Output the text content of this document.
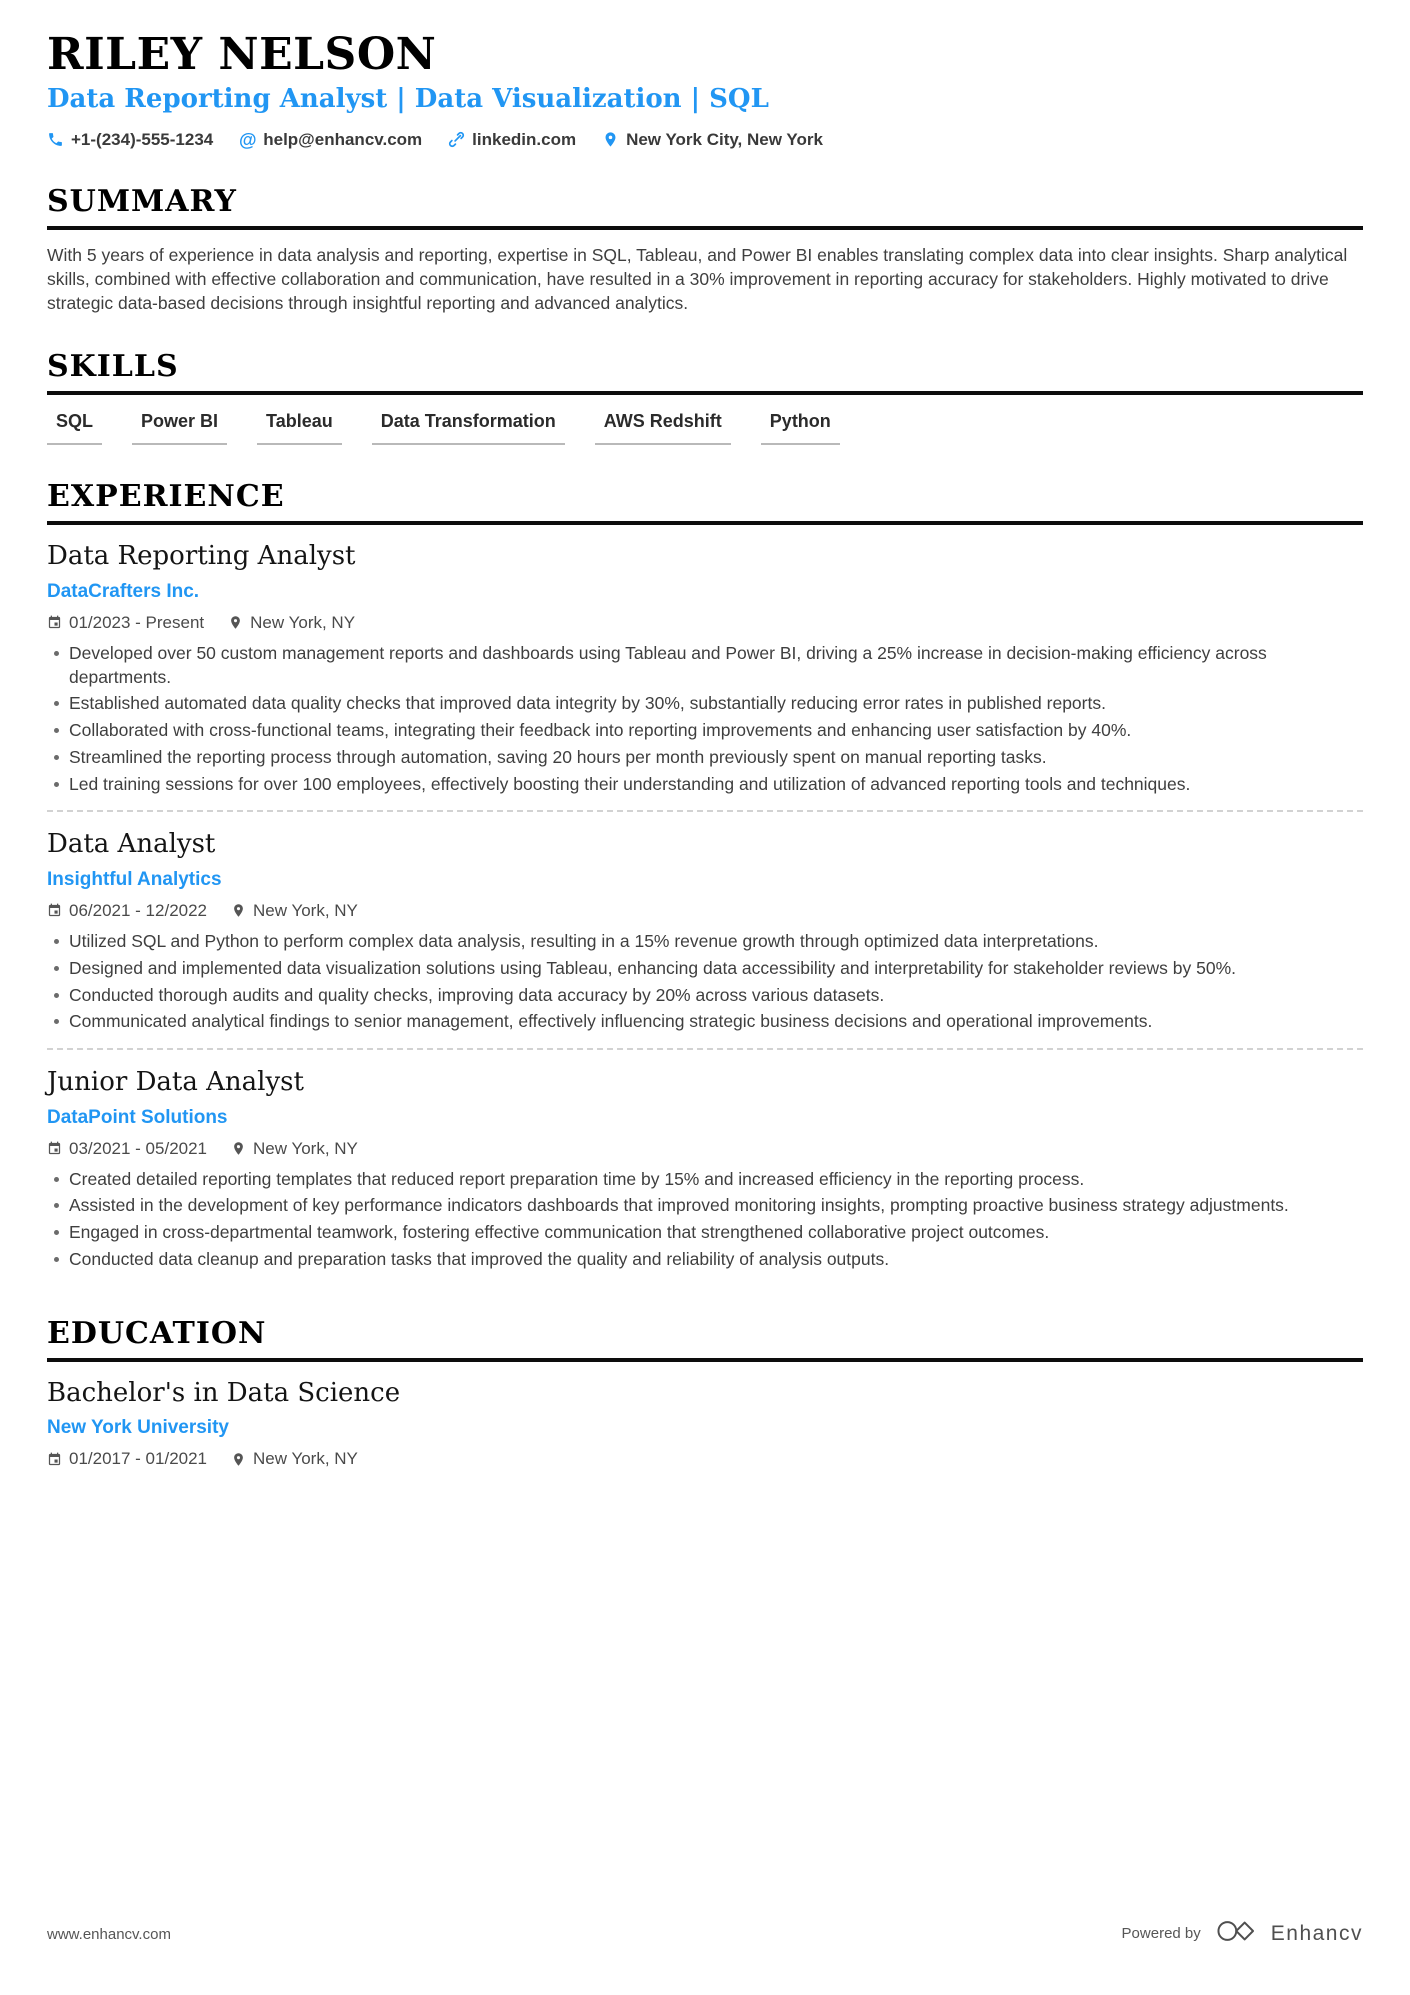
RILEY NELSON
Data Reporting Analyst | Data Visualization | SQL
+1-(234)-555-1234 @ help@enhancv.com	linkedin.com	New York City, New York
SUMMARY

With 5 years of experience in data analysis and reporting, expertise in SQL, Tableau, and Power BI enables translating complex data into clear insights. Sharp analytical skills, combined with effective collaboration and communication, have resulted in a 30% improvement in reporting accuracy for stakeholders. Highly motivated to drive strategic data-based decisions through insightful reporting and advanced analytics.

SKILLS
SQL	Power BI	Tableau	Data Transformation	AWS Redshift	Python
EXPERIENCE
Data Reporting Analyst
DataCrafters Inc.
01/2023 - Present	New York, NY
Developed over 50 custom management reports and dashboards using Tableau and Power BI, driving a 25% increase in decision-making efficiency across departments.
Established automated data quality checks that improved data integrity by 30%, substantially reducing error rates in published reports.
Collaborated with cross-functional teams, integrating their feedback into reporting improvements and enhancing user satisfaction by 40%.
Streamlined the reporting process through automation, saving 20 hours per month previously spent on manual reporting tasks.
Led training sessions for over 100 employees, effectively boosting their understanding and utilization of advanced reporting tools and techniques.
Data Analyst
Insightful Analytics
06/2021 - 12/2022	New York, NY
Utilized SQL and Python to perform complex data analysis, resulting in a 15% revenue growth through optimized data interpretations.
Designed and implemented data visualization solutions using Tableau, enhancing data accessibility and interpretability for stakeholder reviews by 50%.
Conducted thorough audits and quality checks, improving data accuracy by 20% across various datasets.
Communicated analytical findings to senior management, effectively influencing strategic business decisions and operational improvements.
Junior Data Analyst
DataPoint Solutions
03/2021 - 05/2021	New York, NY
Created detailed reporting templates that reduced report preparation time by 15% and increased efficiency in the reporting process.
Assisted in the development of key performance indicators dashboards that improved monitoring insights, prompting proactive business strategy adjustments.
Engaged in cross-departmental teamwork, fostering effective communication that strengthened collaborative project outcomes.
Conducted data cleanup and preparation tasks that improved the quality and reliability of analysis outputs.
EDUCATION
Bachelor's in Data Science
New York University
01/2017 - 01/2021	New York, NY
www.enhancv.com	Powered by	Enhancv
